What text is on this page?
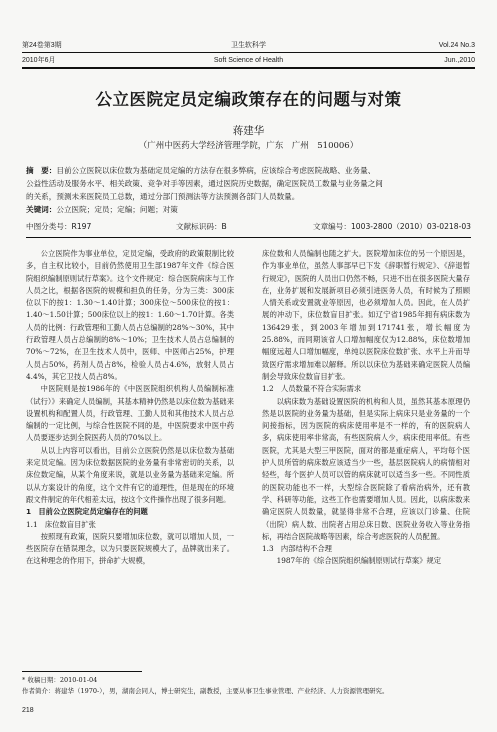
第24卷第3期	卫生软科学	Vol.24 No.3
2010年6月	Soft Science of Health	Jun.,2010
公立医院定员定编政策存在的问题与对策
蒋建华
（广州中医药大学经济管理学院，广东　广州　510006）
摘　要：目前公立医院以床位数为基础定员定编的方法存在很多弊病，应该综合考虑医院战略、业务量、
公益性活动及服务水平、相关政策、竞争对手等因素，通过医院历史数据，确定医院员工数量与业务量之间
的关系，预测未来医院员工总数，通过分部门预测法等方法预测各部门人员数量。
关键词：公立医院；定员；定编；问题；对策
中图分类号：R197	文献标识码：B	文章编号：1003-2800（2010）03-0218-03

公立医院作为事业单位，定员定编，受政府的政策限制比较多，自主权比较小，目前仍然使用卫生部1987年文件《综合医院组织编制原则试行草案》。这个文件规定：综合医院病床与工作人员之比，根据各医院的规模和担负的任务，分为三类：300床位以下的按1：1.30～1.40计算；300床位～500床位的按1：1.40～1.50计算；500床位以上的按1：1.60～1.70计算。各类人员的比例：行政管理和工勤人员占总编制的28%～30%，其中行政管理人员占总编制的8%～10%；卫生技术人员占总编制的70%～72%，在卫生技术人员中，医师、中医师占25%，护理人员占50%，药剂人员占8%，检验人员占4.6%，放射人员占4.4%，其它卫技人员占8%。

中医院则是按1986年的《中医医院组织机构人员编制标准（试行）》来确定人员编制，其基本精神仍然是以床位数为基础来设置机构和配置人员，行政管理、工勤人员和其他技术人员占总编制的一定比例，与综合性医院不同的是，中医院要求中医中药人员要逐步达到全院医药人员的70%以上。

从以上内容可以看出，目前公立医院仍然是以床位数为基础来定员定编。因为床位数据医院的业务量有非常密切的关系，以床位数定编，从某个角度来说，就是以业务量为基础来定编。所以从方案设计的角度，这个文件有它的道理性，但是现在的环境跟文件制定的年代相差太远，按这个文件操作出现了很多问题。

1　目前公立医院定员定编存在的问题

1.1　床位数盲目扩张

按照现有政策，医院只要增加床位数，就可以增加人员，一些医院存在错误理念，以为只要医院规模大了，品牌就出来了。在这种理念的作用下，拼命扩大规模，

床位数和人员编制也随之扩大。医院增加床位的另一个原因是，作为事业单位，虽然人事部早已下发《辞职暂行规定》、《辞退暂行规定》，医院的人员出口仍然不畅，只进不出在很多医院大量存在，业务扩展和发展新项目必须引进医务人员，有时候为了照顾人情关系或安置就业等原因，也必须增加人员。因此，在人员扩展的冲动下，床位数盲目扩张。如辽宁省1985年拥有病床数为136429张，到2003年增加到171741张，增长幅度为25.88%，而同期该省人口增加幅度仅为12.88%，床位数增加幅度远超人口增加幅度，单纯以医院床位数扩张、水平上升而导致医疗需求增加难以解释。所以以床位为基础来确定医院人员编制会导致床位数盲目扩张。

1.2　人员数量不符合实际需求

以病床数为基础设置医院的机构和人员，虽然其基本原理仍然是以医院的业务量为基础，但是实际上病床只是业务量的一个间接指标，因为医院的病床使用率是不一样的，有的医院病人多，病床使用率非常高，有些医院病人少，病床使用率低。有些医院，尤其是大型三甲医院，面对的都是重症病人，平均每个医护人员所管的病床数应该适当少一些，基层医院病人的病情相对轻些，每个医护人员可以管的病床就可以适当多一些。不同性质的医院功能也不一样，大型综合医院除了看病治病外，还有教学、科研等功能，这些工作也需要增加人员。因此，以病床数来确定医院人员数量，就显得非常不合理，应该以门诊量、住院（出院）病人数、出院者占用总床日数、医院业务收入等业务指标，再结合医院战略等因素，综合考虑医院的人员配置。

1.3　内部结构不合理

1987年的《综合医院组织编制原则试行草案》规定

* 收稿日期：2010-01-04
作者简介：蒋建华（1970-），男，湖南会同人，博士研究生，副教授，主要从事卫生事业管理、产业经济、人力资源管理研究。
218
